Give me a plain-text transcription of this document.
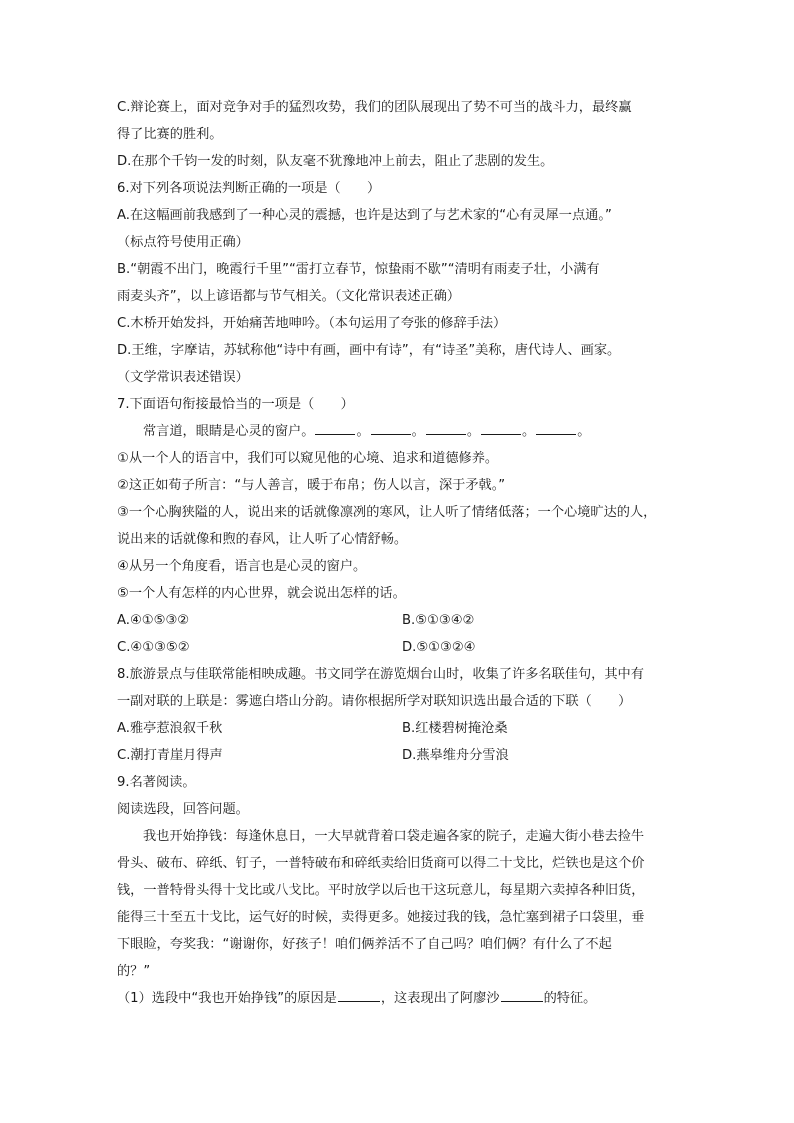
C.辩论赛上，面对竞争对手的猛烈攻势，我们的团队展现出了势不可当的战斗力，最终赢
得了比赛的胜利。
D.在那个千钧一发的时刻，队友毫不犹豫地冲上前去，阻止了悲剧的发生。
6.对下列各项说法判断正确的一项是（　　）
A.在这幅画前我感到了一种心灵的震撼，也许是达到了与艺术家的“心有灵犀一点通。”
（标点符号使用正确）
B.“朝霞不出门，晚霞行千里”“雷打立春节，惊蛰雨不歇”“清明有雨麦子壮，小满有
雨麦头齐”，以上谚语都与节气相关。（文化常识表述正确）
C.木桥开始发抖，开始痛苦地呻吟。（本句运用了夸张的修辞手法）
D.王维，字摩诘，苏轼称他“诗中有画，画中有诗”，有“诗圣”美称，唐代诗人、画家。
（文学常识表述错误）
7.下面语句衔接最恰当的一项是（　　）
常言道，眼睛是心灵的窗户。	。	。	。	。	。
①从一个人的语言中，我们可以窥见他的心境、追求和道德修养。
②这正如荀子所言：“与人善言，暖于布帛；伤人以言，深于矛戟。”
③一个心胸狭隘的人，说出来的话就像凛冽的寒风，让人听了情绪低落；一个心境旷达的人，
说出来的话就像和煦的春风，让人听了心情舒畅。
④从另一个角度看，语言也是心灵的窗户。
⑤一个人有怎样的内心世界，就会说出怎样的话。
A.④①⑤③②	B.⑤①③④②
C.④①③⑤②	D.⑤①③②④
8.旅游景点与佳联常能相映成趣。书文同学在游览烟台山时，收集了许多名联佳句，其中有
一副对联的上联是：雾遮白塔山分韵。请你根据所学对联知识选出最合适的下联（　　）
A.雅亭惹浪叙千秋	B.红楼碧树掩沧桑
C.潮打青崖月得声	D.燕皋维舟分雪浪
9.名著阅读。
阅读选段，回答问题。
我也开始挣钱：每逢休息日，一大早就背着口袋走遍各家的院子，走遍大街小巷去捡牛
骨头、破布、碎纸、钉子，一普特破布和碎纸卖给旧货商可以得二十戈比，烂铁也是这个价
钱，一普特骨头得十戈比或八戈比。平时放学以后也干这玩意儿，每星期六卖掉各种旧货，
能得三十至五十戈比，运气好的时候，卖得更多。她接过我的钱，急忙塞到裙子口袋里，垂
下眼睑，夸奖我：“谢谢你，好孩子！咱们俩养活不了自己吗？咱们俩？有什么了不起
的？”
（1）选段中“我也开始挣钱”的原因是	，这表现出了阿廖沙	的特征。
